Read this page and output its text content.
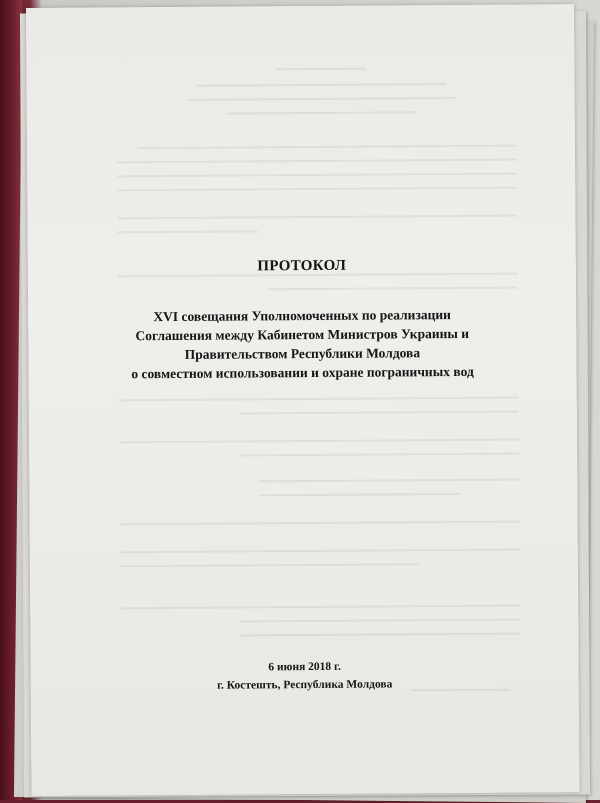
ПРОТОКОЛ
XVI совещания Уполномоченных по реализации
Соглашения между Кабинетом Министров Украины и
Правительством Республики Молдова
о совместном использовании и охране пограничных вод
6 июня 2018 г.
г. Костешть, Республика Молдова
